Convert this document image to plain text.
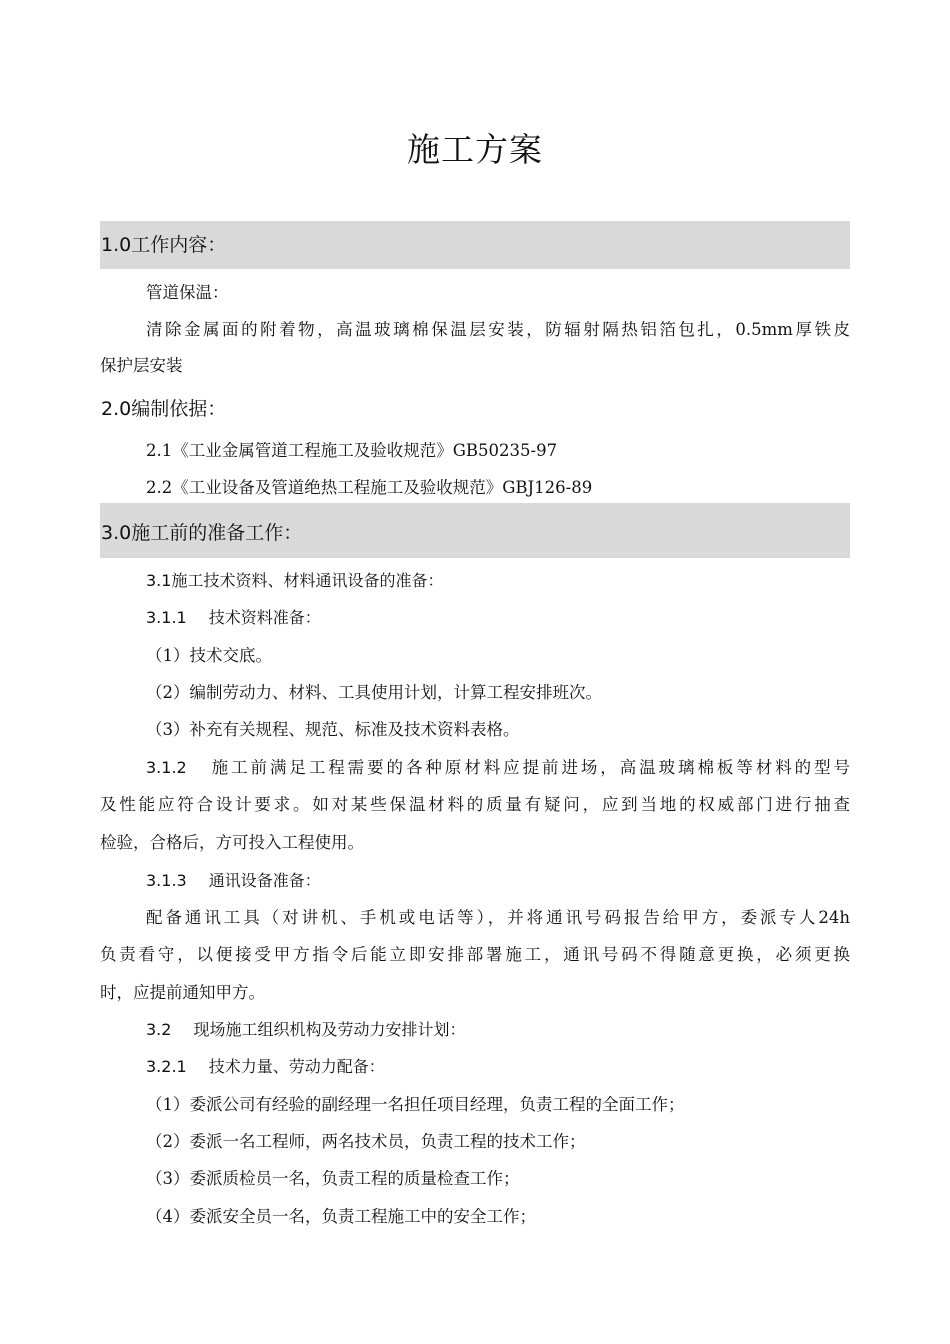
施工方案
1.0工作内容：
管道保温：
清除金属面的附着物，高温玻璃棉保温层安装，防辐射隔热铝箔包扎，0.5mm厚铁皮
保护层安装
2.0编制依据：
2.1《工业金属管道工程施工及验收规范》GB50235-97
2.2《工业设备及管道绝热工程施工及验收规范》GBJ126-89
3.0施工前的准备工作：
3.1施工技术资料、材料通讯设备的准备：
3.1.1 技术资料准备：
（1）技术交底。
（2）编制劳动力、材料、工具使用计划，计算工程安排班次。
（3）补充有关规程、规范、标准及技术资料表格。
3.1.2 施工前满足工程需要的各种原材料应提前进场，高温玻璃棉板等材料的型号
及性能应符合设计要求。如对某些保温材料的质量有疑问，应到当地的权威部门进行抽查
检验，合格后，方可投入工程使用。
3.1.3 通讯设备准备：
配备通讯工具（对讲机、手机或电话等），并将通讯号码报告给甲方，委派专人24h
负责看守，以便接受甲方指令后能立即安排部署施工，通讯号码不得随意更换，必须更换
时，应提前通知甲方。
3.2 现场施工组织机构及劳动力安排计划：
3.2.1 技术力量、劳动力配备：
（1）委派公司有经验的副经理一名担任项目经理，负责工程的全面工作；
（2）委派一名工程师，两名技术员，负责工程的技术工作；
（3）委派质检员一名，负责工程的质量检查工作；
（4）委派安全员一名，负责工程施工中的安全工作；
